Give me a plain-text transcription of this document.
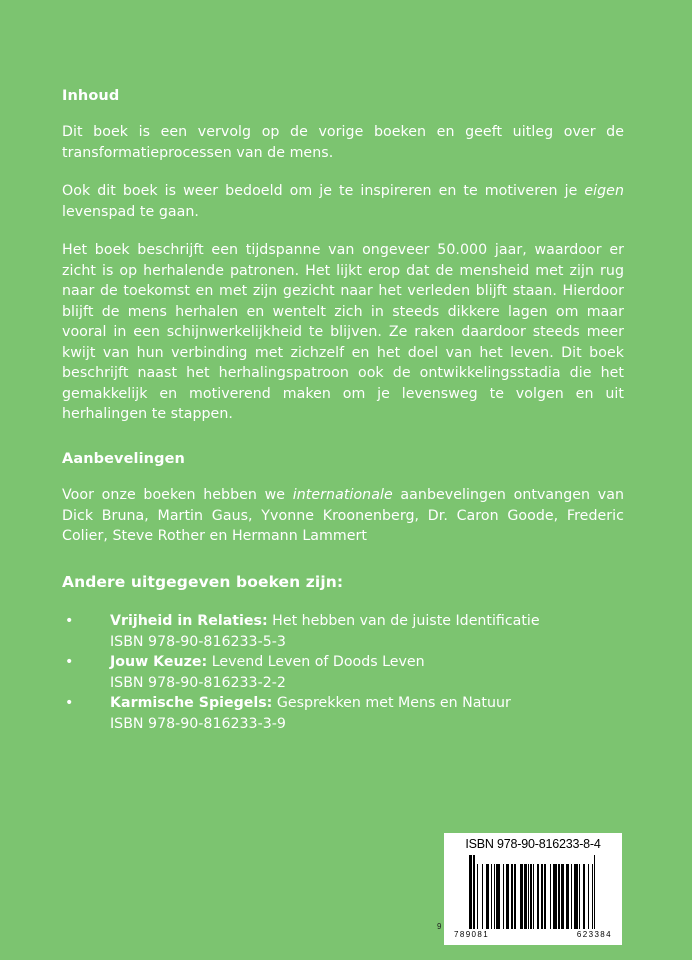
Inhoud

Dit boek is een vervolg op de vorige boeken en geeft uitleg over de transformatieprocessen van de mens.

Ook dit boek is weer bedoeld om je te inspireren en te motiveren je eigen levenspad te gaan.

Het boek beschrijft een tijdspanne van ongeveer 50.000 jaar, waardoor er zicht is op herhalende patronen. Het lijkt erop dat de mensheid met zijn rug naar de toekomst en met zijn gezicht naar het verleden blijft staan. Hierdoor blijft de mens herhalen en wentelt zich in steeds dikkere lagen om maar vooral in een schijnwerkelijkheid te blijven. Ze raken daardoor steeds meer kwijt van hun verbinding met zichzelf en het doel van het leven. Dit boek beschrijft naast het herhalingspatroon ook de ontwikkelingsstadia die het gemakkelijk en motiverend maken om je levensweg te volgen en uit herhalingen te stappen.

Aanbevelingen

Voor onze boeken hebben we internationale aanbevelingen ontvangen van Dick Bruna, Martin Gaus, Yvonne Kroonenberg, Dr. Caron Goode, Frederic Colier, Steve Rother en Hermann Lammert

Andere uitgegeven boeken zijn:
•	Vrijheid in Relaties: Het hebben van de juiste Identificatie
ISBN 978-90-816233-5-3
•	Jouw Keuze: Levend Leven of Doods Leven
ISBN 978-90-816233-2-2
•	Karmische Spiegels: Gesprekken met Mens en Natuur
ISBN 978-90-816233-3-9
ISBN 978-90-816233-8-4
789081	623384
9
